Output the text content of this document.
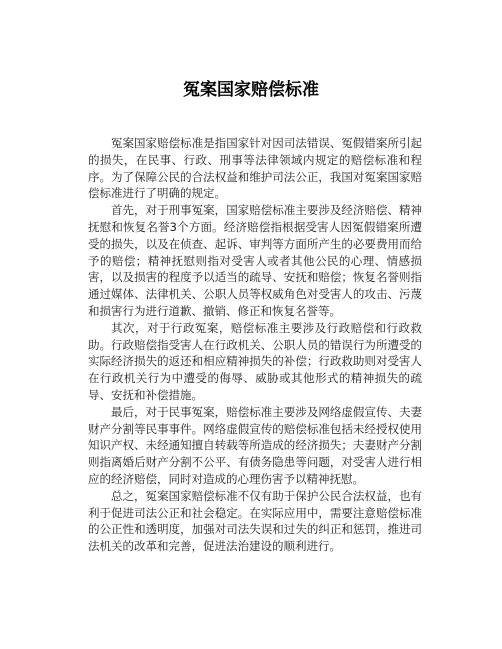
冤案国家赔偿标准

冤案国家赔偿标准是指国家针对因司法错误、冤假错案所引起的损失，在民事、行政、刑事等法律领域内规定的赔偿标准和程序。为了保障公民的合法权益和维护司法公正，我国对冤案国家赔偿标准进行了明确的规定。

首先，对于刑事冤案，国家赔偿标准主要涉及经济赔偿、精神抚慰和恢复名誉3个方面。经济赔偿指根据受害人因冤假错案所遭受的损失，以及在侦查、起诉、审判等方面所产生的必要费用而给予的赔偿；精神抚慰则指对受害人或者其他公民的心理、情感损害，以及损害的程度予以适当的疏导、安抚和赔偿；恢复名誉则指通过媒体、法律机关、公职人员等权威角色对受害人的攻击、污蔑和损害行为进行道歉、撤销、修正和恢复名誉等。

其次，对于行政冤案，赔偿标准主要涉及行政赔偿和行政救助。行政赔偿指受害人在行政机关、公职人员的错误行为所遭受的实际经济损失的返还和相应精神损失的补偿；行政救助则对受害人在行政机关行为中遭受的侮辱、威胁或其他形式的精神损失的疏导、安抚和补偿措施。

最后，对于民事冤案，赔偿标准主要涉及网络虚假宣传、夫妻财产分割等民事事件。网络虚假宣传的赔偿标准包括未经授权使用知识产权、未经通知擅自转载等所造成的经济损失；夫妻财产分割则指离婚后财产分割不公平、有债务隐患等问题，对受害人进行相应的经济赔偿，同时对造成的心理伤害予以精神抚慰。

总之，冤案国家赔偿标准不仅有助于保护公民合法权益，也有利于促进司法公正和社会稳定。在实际应用中，需要注意赔偿标准的公正性和透明度，加强对司法失误和过失的纠正和惩罚，推进司法机关的改革和完善，促进法治建设的顺利进行。
